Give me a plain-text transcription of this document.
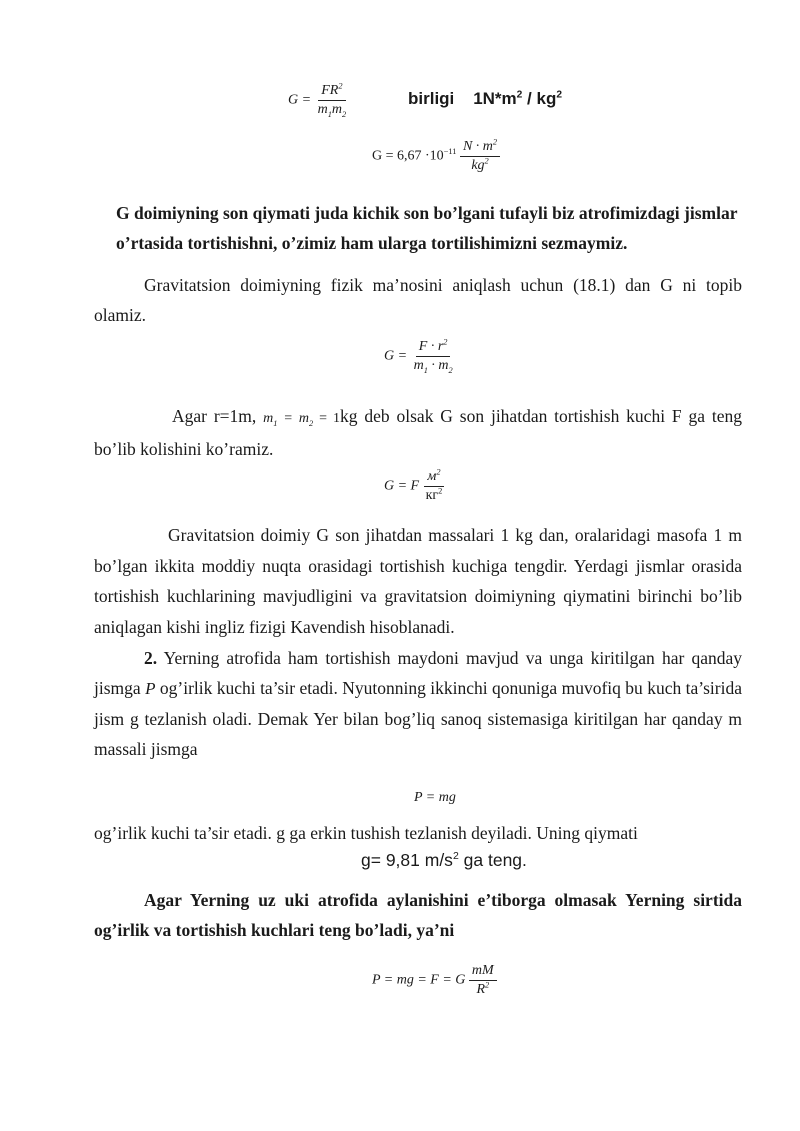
$G = \frac{FR^2}{m_1m_2}$	birligi $1N*m^2 / kg^2$
$G = 6,67 \cdot 10^{-11} \frac{N \cdot m^2}{kg^2}$
G doimiyning son qiymati juda kichik son bo’lgani tufayli biz atrofimizdagi jismlar o’rtasida tortishishni, o’zimiz ham ularga tortilishimizni sezmaymiz.
Gravitatsion doimiyning fizik ma’nosini aniqlash uchun (18.1) dan G ni topib olamiz.
$G = \frac{F \cdot r^2}{m_1 \cdot m_2}$
Agar r=1m, $m_1 = m_2 = 1kg$ deb olsak G son jihatdan tortishish kuchi F ga teng bo’lib kolishini ko’ramiz.
G = F $\frac{м^2}{кг^2}$
Gravitatsion doimiy G son jihatdan massalari 1 kg dan, oralaridagi masofa 1 m bo’lgan ikkita moddiy nuqta orasidagi tortishish kuchiga tengdir. Yerdagi jismlar orasida tortishish kuchlarining mavjudligini va gravitatsion doimiyning qiymatini birinchi bo’lib aniqlagan kishi ingliz fizigi Kavendish hisoblanadi.
2. Yerning atrofida ham tortishish maydoni mavjud va unga kiritilgan har qanday jismga P og’irlik kuchi ta’sir etadi. Nyutonning ikkinchi qonuniga muvofiq bu kuch ta’sirida jism g tezlanish oladi. Demak Yer bilan bog’liq sanoq sistemasiga kiritilgan har qanday m massali jismga
P = mg
og’irlik kuchi ta’sir etadi. g ga erkin tushish tezlanish deyiladi. Uning qiymati
g= 9,81 $m/s^2$ ga teng.
Agar Yerning uz uki atrofida aylanishini e’tiborga olmasak Yerning sirtida og’irlik va tortishish kuchlari teng bo’ladi, ya’ni
P = mg = F = G $\frac{mM}{R^2}$
